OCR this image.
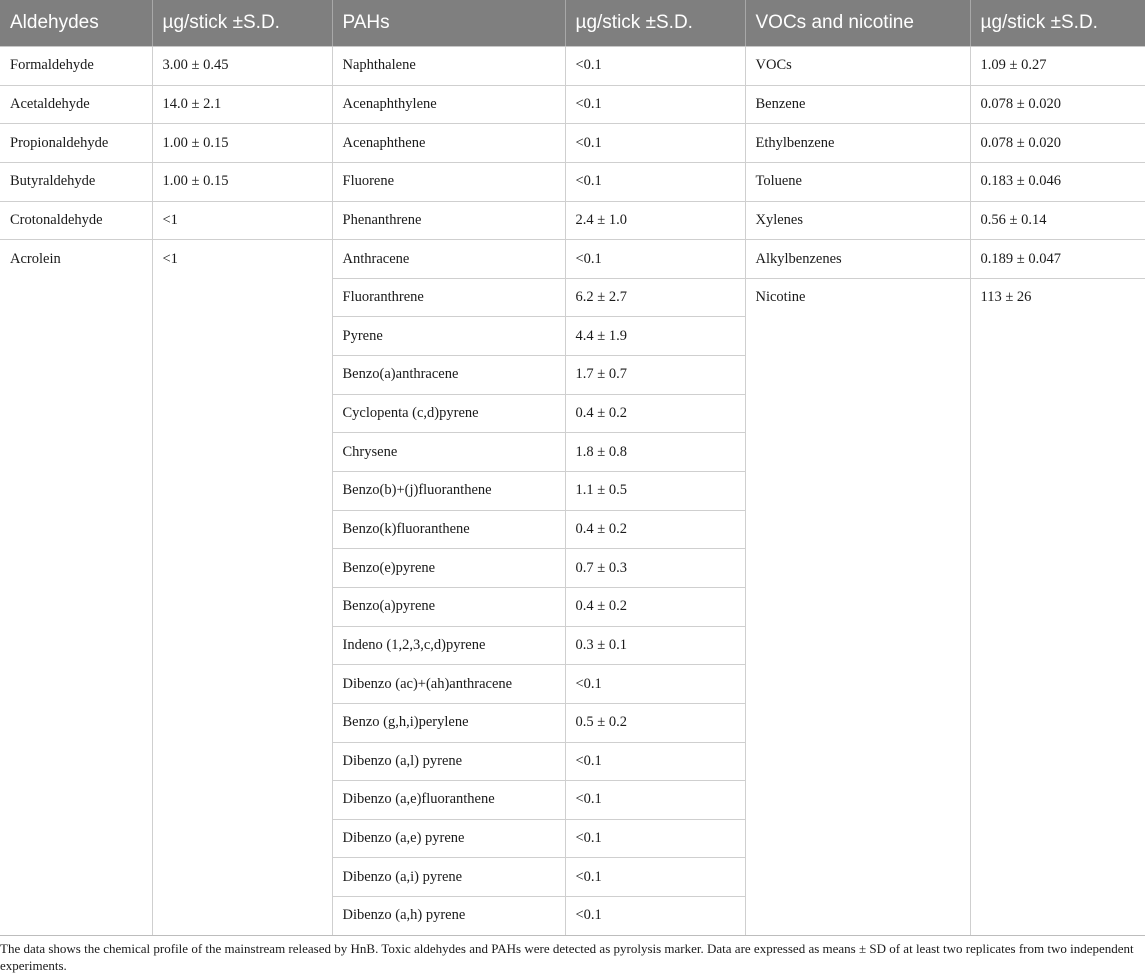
Aldehydes	µg/stick ±S.D.	PAHs	µg/stick ±S.D.	VOCs and nicotine	µg/stick ±S.D.
Formaldehyde	3.00 ± 0.45	Naphthalene	<0.1	VOCs	1.09 ± 0.27
Acetaldehyde	14.0 ± 2.1	Acenaphthylene	<0.1	Benzene	0.078 ± 0.020
Propionaldehyde	1.00 ± 0.15	Acenaphthene	<0.1	Ethylbenzene	0.078 ± 0.020
Butyraldehyde	1.00 ± 0.15	Fluorene	<0.1	Toluene	0.183 ± 0.046
Crotonaldehyde	<1	Phenanthrene	2.4 ± 1.0	Xylenes	0.56 ± 0.14
Acrolein	<1	Anthracene	<0.1	Alkylbenzenes	0.189 ± 0.047
		Fluoranthrene	6.2 ± 2.7	Nicotine	113 ± 26
		Pyrene	4.4 ± 1.9		
		Benzo(a)anthracene	1.7 ± 0.7		
		Cyclopenta (c,d)pyrene	0.4 ± 0.2		
		Chrysene	1.8 ± 0.8		
		Benzo(b)+(j)fluoranthene	1.1 ± 0.5		
		Benzo(k)fluoranthene	0.4 ± 0.2		
		Benzo(e)pyrene	0.7 ± 0.3		
		Benzo(a)pyrene	0.4 ± 0.2		
		Indeno (1,2,3,c,d)pyrene	0.3 ± 0.1		
		Dibenzo (ac)+(ah)anthracene	<0.1		
		Benzo (g,h,i)perylene	0.5 ± 0.2		
		Dibenzo (a,l) pyrene	<0.1		
		Dibenzo (a,e)fluoranthene	<0.1		
		Dibenzo (a,e) pyrene	<0.1		
		Dibenzo (a,i) pyrene	<0.1		
		Dibenzo (a,h) pyrene	<0.1		
The data shows the chemical profile of the mainstream released by HnB. Toxic aldehydes and PAHs were detected as pyrolysis marker. Data are expressed as means ± SD of at least two replicates from two independent experiments.
